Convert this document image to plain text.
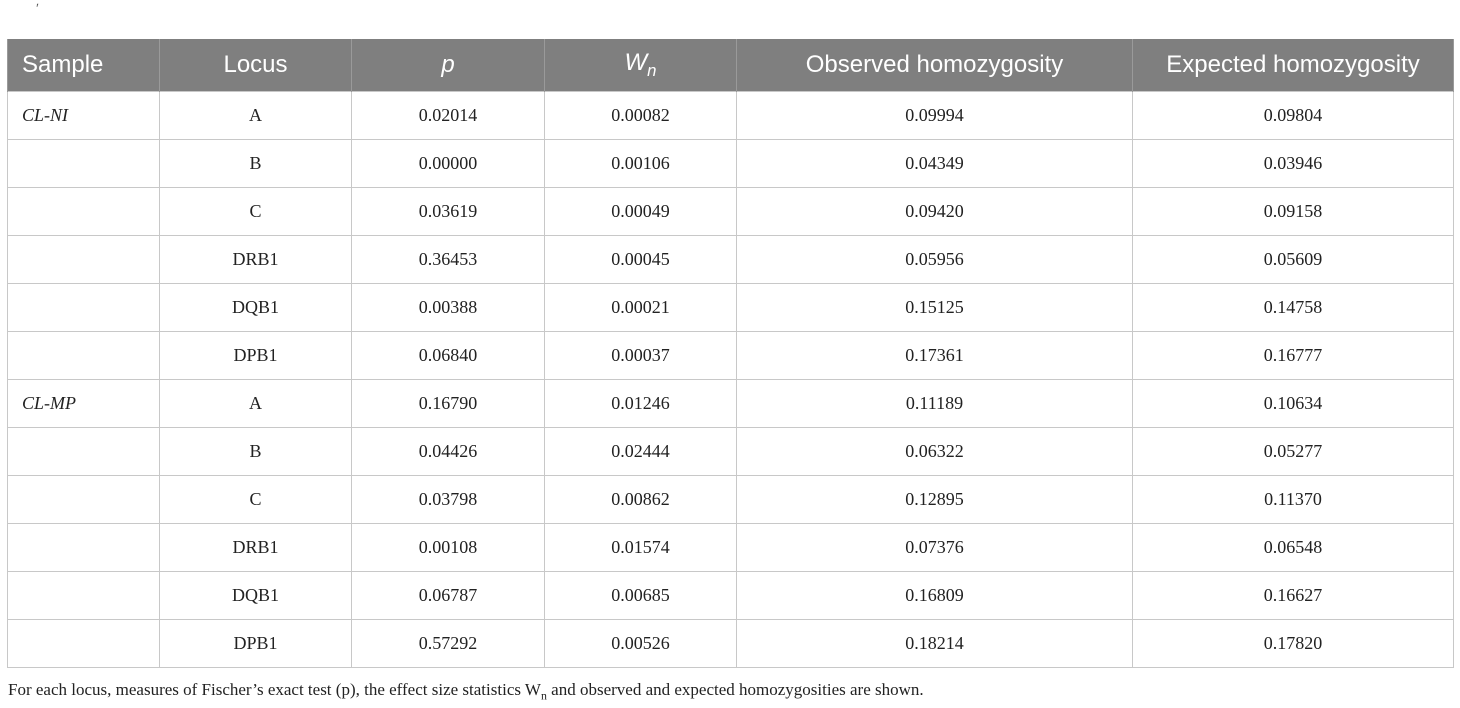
ʹ
Sample	Locus	p	$W_n$	Observed homozygosity	Expected homozygosity
CL-NI	A	0.02014	0.00082	0.09994	0.09804
	B	0.00000	0.00106	0.04349	0.03946
	C	0.03619	0.00049	0.09420	0.09158
	DRB1	0.36453	0.00045	0.05956	0.05609
	DQB1	0.00388	0.00021	0.15125	0.14758
	DPB1	0.06840	0.00037	0.17361	0.16777
CL-MP	A	0.16790	0.01246	0.11189	0.10634
	B	0.04426	0.02444	0.06322	0.05277
	C	0.03798	0.00862	0.12895	0.11370
	DRB1	0.00108	0.01574	0.07376	0.06548
	DQB1	0.06787	0.00685	0.16809	0.16627
	DPB1	0.57292	0.00526	0.18214	0.17820
For each locus, measures of Fischer’s exact test (p), the effect size statistics $W_n$ and observed and expected homozygosities are shown.
